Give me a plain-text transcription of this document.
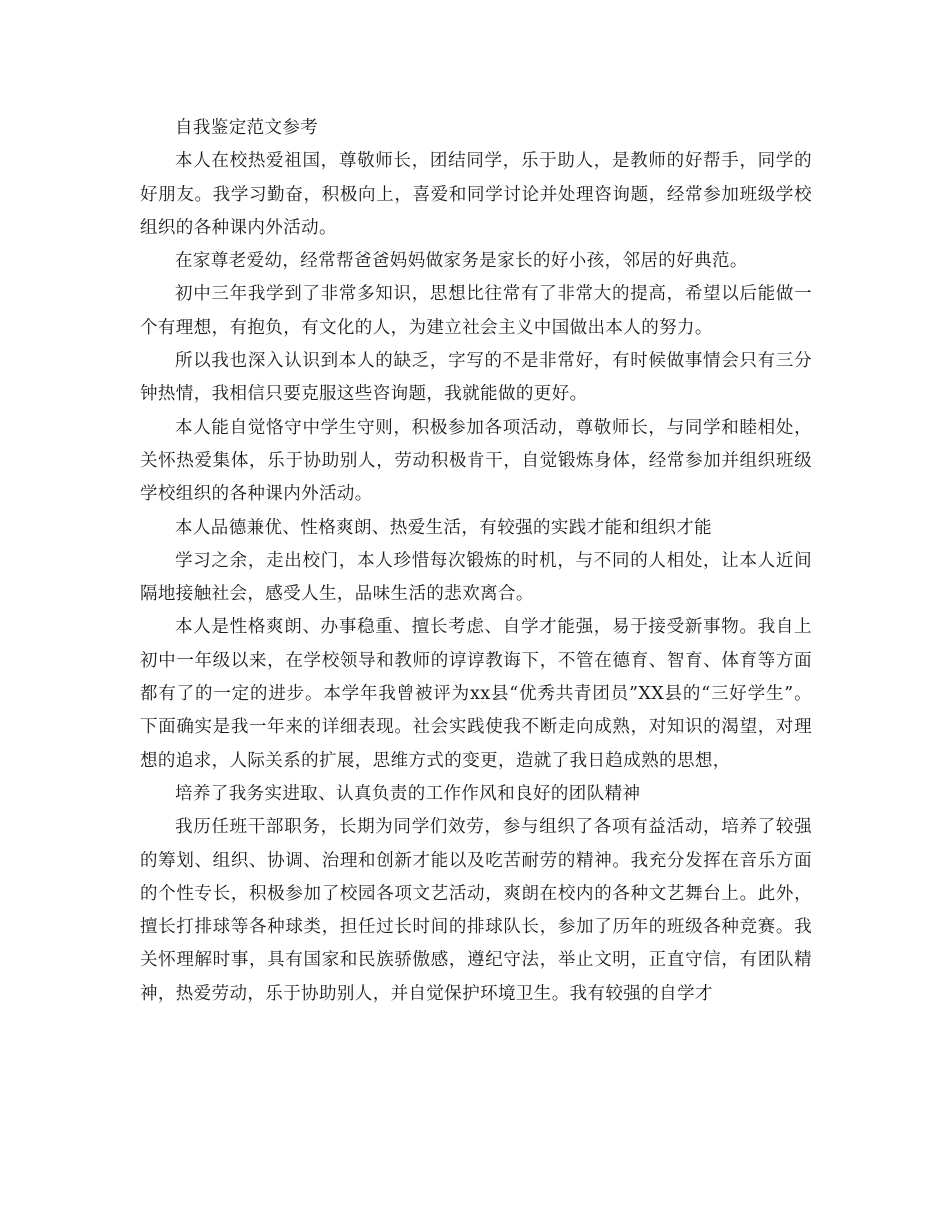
自我鉴定范文参考

本人在校热爱祖国，尊敬师长，团结同学，乐于助人，是教师的好帮手，同学的好朋友。我学习勤奋，积极向上，喜爱和同学讨论并处理咨询题，经常参加班级学校组织的各种课内外活动。

在家尊老爱幼，经常帮爸爸妈妈做家务是家长的好小孩，邻居的好典范。

初中三年我学到了非常多知识，思想比往常有了非常大的提高，希望以后能做一个有理想，有抱负，有文化的人，为建立社会主义中国做出本人的努力。

所以我也深入认识到本人的缺乏，字写的不是非常好，有时候做事情会只有三分钟热情，我相信只要克服这些咨询题，我就能做的更好。

本人能自觉恪守中学生守则，积极参加各项活动，尊敬师长，与同学和睦相处，关怀热爱集体，乐于协助别人，劳动积极肯干，自觉锻炼身体，经常参加并组织班级学校组织的各种课内外活动。

本人品德兼优、性格爽朗、热爱生活，有较强的实践才能和组织才能

学习之余，走出校门，本人珍惜每次锻炼的时机，与不同的人相处，让本人近间隔地接触社会，感受人生，品味生活的悲欢离合。

本人是性格爽朗、办事稳重、擅长考虑、自学才能强，易于接受新事物。我自上初中一年级以来，在学校领导和教师的谆谆教诲下，不管在德育、智育、体育等方面都有了的一定的进步。本学年我曾被评为xx县“优秀共青团员”XX县的“三好学生”。下面确实是我一年来的详细表现。社会实践使我不断走向成熟，对知识的渴望，对理想的追求，人际关系的扩展，思维方式的变更，造就了我日趋成熟的思想，

培养了我务实进取、认真负责的工作作风和良好的团队精神

我历任班干部职务，长期为同学们效劳，参与组织了各项有益活动，培养了较强的筹划、组织、协调、治理和创新才能以及吃苦耐劳的精神。我充分发挥在音乐方面的个性专长，积极参加了校园各项文艺活动，爽朗在校内的各种文艺舞台上。此外，擅长打排球等各种球类，担任过长时间的排球队长，参加了历年的班级各种竞赛。我关怀理解时事，具有国家和民族骄傲感，遵纪守法，举止文明，正直守信，有团队精神，热爱劳动，乐于协助别人，并自觉保护环境卫生。我有较强的自学才
